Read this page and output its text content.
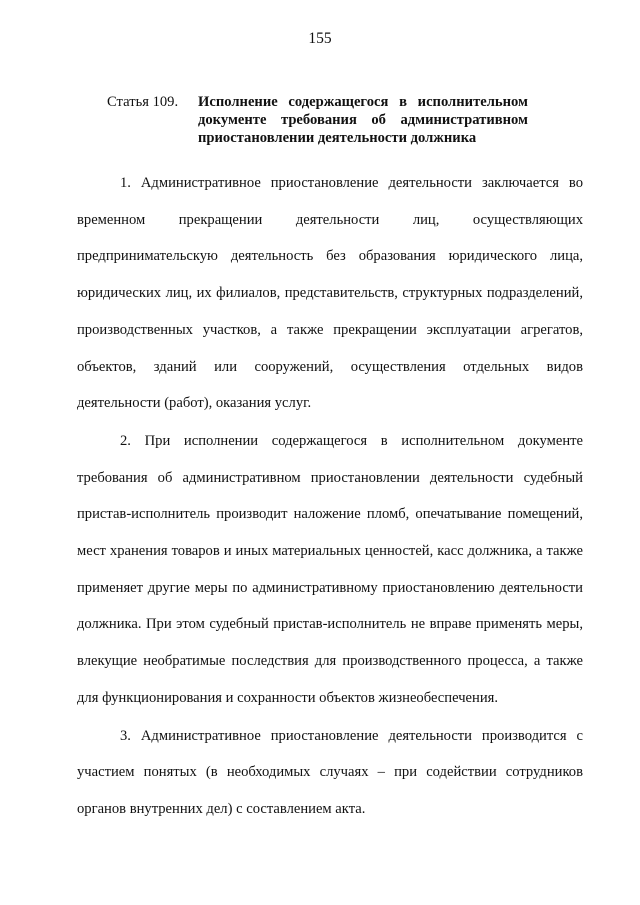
155
Статья 109. Исполнение содержащегося в исполнительном документе требования об административном приостановлении деятельности должника

1. Административное приостановление деятельности заключается во временном прекращении деятельности лиц, осуществляющих предпринимательскую деятельность без образования юридического лица, юридических лиц, их филиалов, представительств, структурных подразделений, производственных участков, а также прекращении эксплуатации агрегатов, объектов, зданий или сооружений, осуществления отдельных видов деятельности (работ), оказания услуг.

2. При исполнении содержащегося в исполнительном документе требования об административном приостановлении деятельности судебный пристав-исполнитель производит наложение пломб, опечатывание помещений, мест хранения товаров и иных материальных ценностей, касс должника, а также применяет другие меры по административному приостановлению деятельности должника. При этом судебный пристав-исполнитель не вправе применять меры, влекущие необратимые последствия для производственного процесса, а также для функционирования и сохранности объектов жизнеобеспечения.

3. Административное приостановление деятельности производится с участием понятых (в необходимых случаях – при содействии сотрудников органов внутренних дел) с составлением акта.
